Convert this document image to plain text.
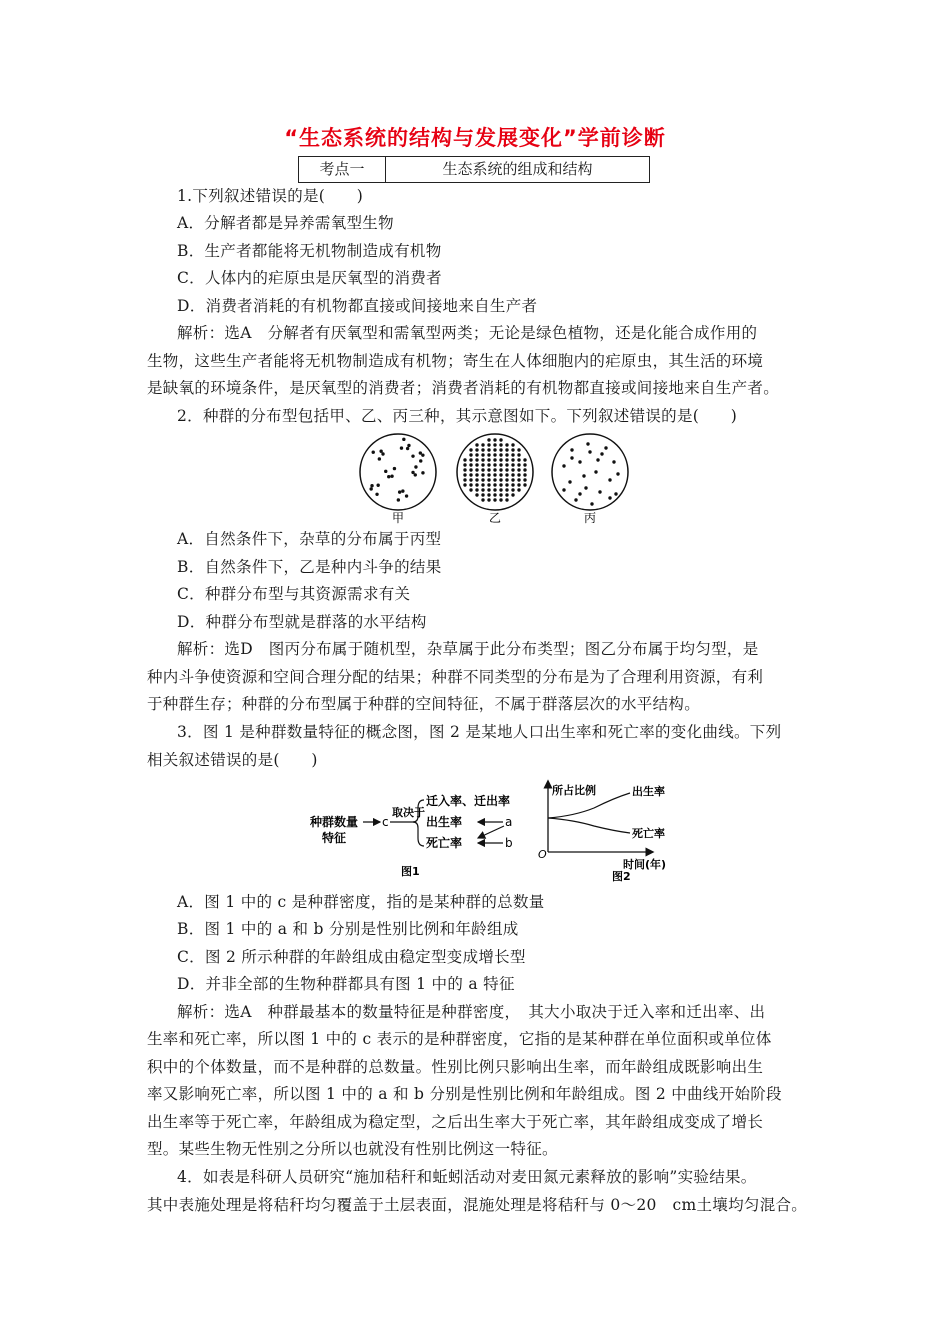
“生态系统的结构与发展变化”学前诊断
考点一	生态系统的组成和结构
1.下列叙述错误的是(　　)
A．分解者都是异养需氧型生物
B．生产者都能将无机物制造成有机物
C．人体内的疟原虫是厌氧型的消费者
D．消费者消耗的有机物都直接或间接地来自生产者
解析：选A　分解者有厌氧型和需氧型两类；无论是绿色植物，还是化能合成作用的
生物，这些生产者能将无机物制造成有机物；寄生在人体细胞内的疟原虫，其生活的环境
是缺氧的环境条件，是厌氧型的消费者；消费者消耗的有机物都直接或间接地来自生产者。
2．种群的分布型包括甲、乙、丙三种，其示意图如下。下列叙述错误的是(　　)
甲	乙	丙
A．自然条件下，杂草的分布属于丙型
B．自然条件下，乙是种内斗争的结果
C．种群分布型与其资源需求有关
D．种群分布型就是群落的水平结构
解析：选D　图丙分布属于随机型，杂草属于此分布类型；图乙分布属于均匀型，是
种内斗争使资源和空间合理分配的结果；种群不同类型的分布是为了合理利用资源，有利
于种群生存；种群的分布型属于种群的空间特征，不属于群落层次的水平结构。
3．图 1 是种群数量特征的概念图，图 2 是某地人口出生率和死亡率的变化曲线。下列
相关叙述错误的是(　　)
种群数量
特征
c
取决于
迁入率、迁出率
出生率
死亡率
a
b
图1
所占比例
O
时间(年)
出生率
死亡率
图2
A．图 1 中的 c 是种群密度，指的是某种群的总数量
B．图 1 中的 a 和 b 分别是性别比例和年龄组成
C．图 2 所示种群的年龄组成由稳定型变成增长型
D．并非全部的生物种群都具有图 1 中的 a 特征
解析：选A　种群最基本的数量特征是种群密度，　其大小取决于迁入率和迁出率、出
生率和死亡率，所以图 1 中的 c 表示的是种群密度，它指的是某种群在单位面积或单位体
积中的个体数量，而不是种群的总数量。性别比例只影响出生率，而年龄组成既影响出生
率又影响死亡率，所以图 1 中的 a 和 b 分别是性别比例和年龄组成。图 2 中曲线开始阶段
出生率等于死亡率，年龄组成为稳定型，之后出生率大于死亡率，其年龄组成变成了增长
型。某些生物无性别之分所以也就没有性别比例这一特征。
4．如表是科研人员研究“施加秸秆和蚯蚓活动对麦田氮元素释放的影响”实验结果。
其中表施处理是将秸秆均匀覆盖于土层表面，混施处理是将秸秆与 0～20　cm土壤均匀混合。
